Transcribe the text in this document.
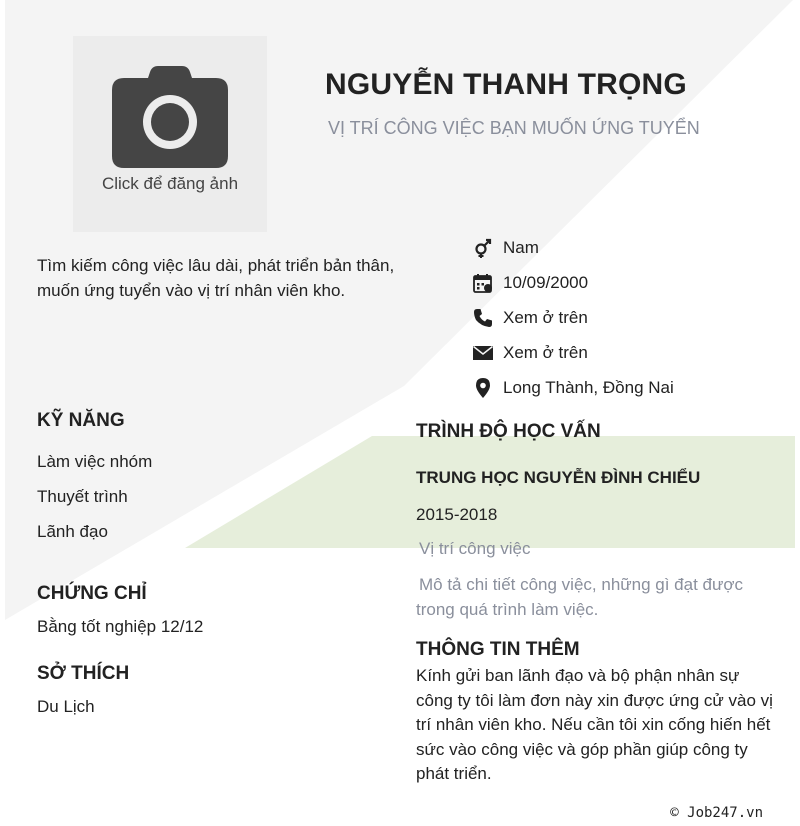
Click để đăng ảnh
NGUYỄN THANH TRỌNG
VỊ TRÍ CÔNG VIỆC BẠN MUỐN ỨNG TUYỂN
Tìm kiếm công việc lâu dài, phát triển bản thân, muốn ứng tuyển vào vị trí nhân viên kho.
Nam
10/09/2000
Xem ở trên
Xem ở trên
Long Thành, Đồng Nai
KỸ NĂNG
Làm việc nhóm
Thuyết trình
Lãnh đạo
CHỨNG CHỈ
Bằng tốt nghiệp 12/12
SỞ THÍCH
Du Lịch
TRÌNH ĐỘ HỌC VẤN
TRUNG HỌC NGUYỄN ĐÌNH CHIỂU
2015-2018
Vị trí công việc
Mô tả chi tiết công việc, những gì đạt được trong quá trình làm việc.
THÔNG TIN THÊM
Kính gửi ban lãnh đạo và bộ phận nhân sự công ty tôi làm đơn này xin được ứng cử vào vị trí nhân viên kho. Nếu cần tôi xin cống hiến hết sức vào công việc và góp phần giúp công ty phát triển.
© Job247.vn
